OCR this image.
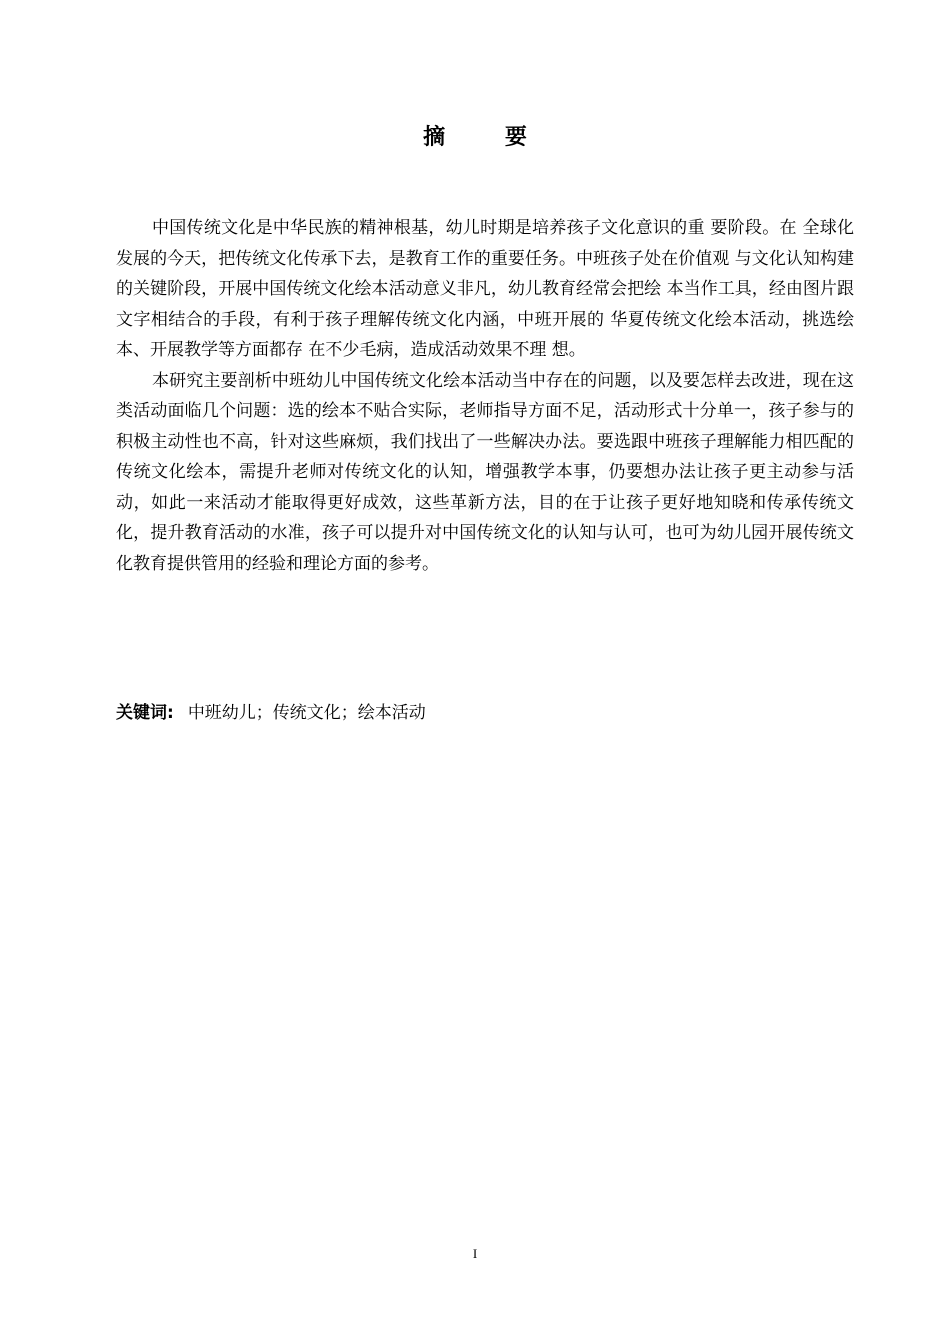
摘 要

中国传统文化是中华民族的精神根基，幼儿时期是培养孩子文化意识的重 要阶段。在 全球化发展的今天，把传统文化传承下去，是教育工作的重要任务。中班孩子处在价值观 与文化认知构建的关键阶段，开展中国传统文化绘本活动意义非凡，幼儿教育经常会把绘 本当作工具，经由图片跟文字相结合的手段，有利于孩子理解传统文化内涵，中班开展的 华夏传统文化绘本活动，挑选绘本、开展教学等方面都存 在不少毛病，造成活动效果不理 想。

本研究主要剖析中班幼儿中国传统文化绘本活动当中存在的问题，以及要怎样去改进，现在这类活动面临几个问题：选的绘本不贴合实际，老师指导方面不足，活动形式十分单一，孩子参与的积极主动性也不高，针对这些麻烦，我们找出了一些解决办法。要选跟中班孩子理解能力相匹配的传统文化绘本，需提升老师对传统文化的认知，增强教学本事，仍要想办法让孩子更主动参与活动，如此一来活动才能取得更好成效，这些革新方法，目的在于让孩子更好地知晓和传承传统文化，提升教育活动的水准，孩子可以提升对中国传统文化的认知与认可，也可为幼儿园开展传统文化教育提供管用的经验和理论方面的参考。

关键词: 中班幼儿；传统文化；绘本活动
I
